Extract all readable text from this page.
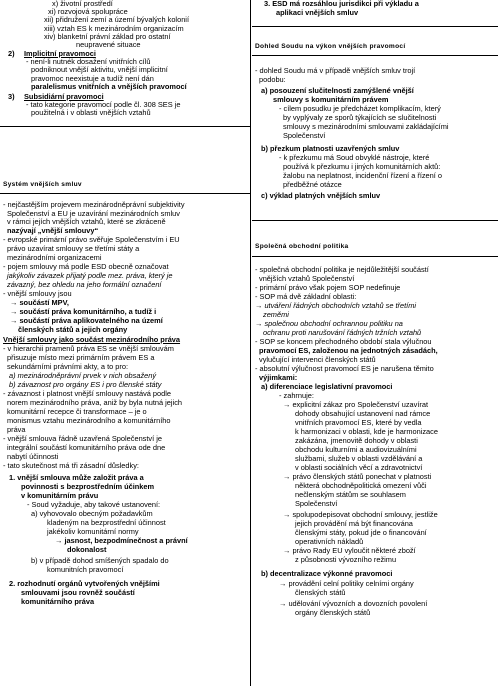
x) životní prostředí
xi) rozvojová spolupráce
xii) přidružení zemí a území bývalých kolonií
xiii) vztah ES k mezinárodním organizacím
xiv) blanketní právní základ pro ostatní
neupravené situace
2) Implicitní pravomoci
- není-li nutnék dosažení vnitřních cílů
podniknout vnější aktivitu, vnější implicitní
pravomoc neexistuje a tudíž není dán
paralelismus vnitřních a vnějších pravomocí
3) Subsidiární pravomoci
- tato kategorie pravomocí podle čl. 308 SES je
použitelná i v oblasti vnějších vztahů
Systém vnějších smluv
- nejčastějším projevem mezinárodněprávní subjektivity
Společenství a EU je uzavírání mezinárodních smluv
v rámci jejích vnějších vztahů, které se zkráceně
nazývají „vnější smlouvy“
- evropské primární právo svěřuje Společenstvím i EU
právo uzavírat smlouvy se třetími státy a
mezinárodními organizacemi
- pojem smlouvy má podle ESD obecně označovat
jakýkoliv závazek přijatý podle mez. práva, který je
závazný, bez ohledu na jeho formální označení
- vnější smlouvy jsou
→ součástí MPV,
→ součástí práva komunitárního, a tudíž i
→ součástí práva aplikovatelného na území
členských států a jejich orgány
Vnější smlouvy jako součást mezinárodního práva
- v hierarchii pramenů práva ES se vnější smlouvám
přisuzuje místo mezi primárním právem ES a
sekundárními právními akty, a to pro:
a) mezinárodněprávní prvek v nich obsažený
b) závaznost pro orgány ES i pro členské státy
- závaznost i platnost vnější smlouvy nastává podle
norem mezinárodního práva, aniž by byla nutná jejich
komunitární recepce či transformace – je o
monismus vztahu mezinárodního a komunitárního
práva
- vnější smlouva řádně uzavřená Společenství je
integrální součástí komunitárního práva ode dne
nabytí účinnosti
- tato skutečnost má tři zásadní důsledky:
1. vnější smlouva může založit práva a
povinnosti s bezprostředním účinkem
v komunitárním právu
- Soud vyžaduje, aby takové ustanovení:
a) vyhovovalo obecným požadavkům
kladeným na bezprostřední účinnost
jakékoliv komunitární normy
→ jasnost, bezpodmínečnost a právní
dokonalost
b) v případě dohod smíšených spadalo do
komunitních pravomocí
2. rozhodnutí orgánů vytvořených vnějšími
smlouvami jsou rovněž součástí
komunitárního práva
3. ESD má rozsáhlou jurisdikci při výkladu a
aplikaci vnějších smluv
Dohled Soudu na výkon vnějších pravomocí
- dohled Soudu má v případě vnějších smluv trojí
podobu:
a) posouzení slučitelnosti zamýšlené vnější
smlouvy s komunitárním právem
- cílem posudku je předcházet komplikacím, který
by vyplývaly ze sporů týkajících se slučitelnosti
smlouvy s mezinárodními smlouvami zakládajícími
Společenství
b) přezkum platnosti uzavřených smluv
- k přezkumu má Soud obvyklé nástroje, které
používá k přezkumu i jiných komunitárních aktů:
žalobu na neplatnost, incidenční řízení a řízení o
předběžné otázce
c) výklad platných vnějších smluv
Společná obchodní politika
- společná obchodní politika je nejdůležitější součástí
vnějších vztahů Společenství
- primární právo však pojem SOP nedefinuje
- SOP má dvě základní oblasti:
→ utváření řádných obchodních vztahů se třetími
zeměmi
→ společnou obchodní ochrannou politiku na
ochranu proti narušování řádných tržních vztahů
- SOP se koncem přechodného období stala výlučnou
pravomocí ES, založenou na jednotných zásadách,
vylučující intervenci členských států
- absolutní výlučnost pravomocí ES je narušena těmito
výjimkami:
a) diferenciace legislativní pravomoci
- zahrnuje:
→ explicitní zákaz pro Společenství uzavírat
dohody obsahující ustanovení nad rámce
vnitřních pravomocí ES, které by vedla
k harmonizaci v oblasti, kde je harmonizace
zakázána, jmenovitě dohody v oblasti
obchodu kulturními a audiovizuálními
službami, služeb v oblasti vzdělávání a
v oblasti sociálních věcí a zdravotnictví
→ právo členských států ponechat v platnosti
některá obchodněpolitická omezení vůči
nečlenským státům se souhlasem
Společenství
→ spolupodepisovat obchodní smlouvy, jestliže
jejich provádění má být financována
členskými státy, pokud jde o financování
operativních nákladů
→ právo Rady EU vyloučit některé zboží
z působnosti vývozního režimu
b) decentralizace výkonné pravomoci
→ provádění celní politiky celními orgány
členských států
→ udělování vývozních a dovozních povolení
orgány členských států
